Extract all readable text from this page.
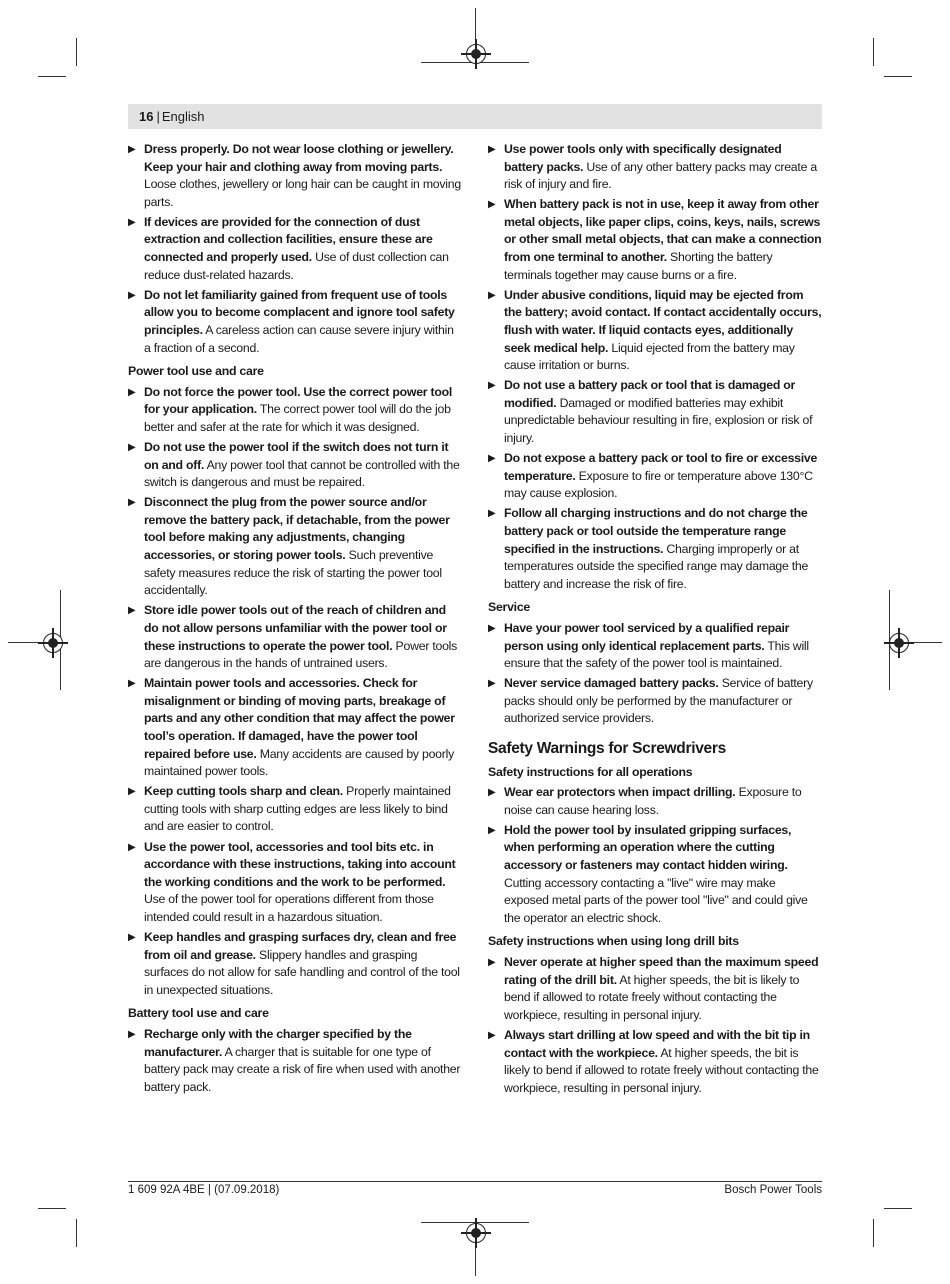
16 | English
▶ Dress properly. Do not wear loose clothing or jewellery. Keep your hair and clothing away from moving parts. Loose clothes, jewellery or long hair can be caught in moving parts.
▶ If devices are provided for the connection of dust extraction and collection facilities, ensure these are connected and properly used. Use of dust collection can reduce dust-related hazards.
▶ Do not let familiarity gained from frequent use of tools allow you to become complacent and ignore tool safety principles. A careless action can cause severe injury within a fraction of a second.
Power tool use and care
▶ Do not force the power tool. Use the correct power tool for your application. The correct power tool will do the job better and safer at the rate for which it was designed.
▶ Do not use the power tool if the switch does not turn it on and off. Any power tool that cannot be controlled with the switch is dangerous and must be repaired.
▶ Disconnect the plug from the power source and/or remove the battery pack, if detachable, from the power tool before making any adjustments, changing accessories, or storing power tools. Such preventive safety measures reduce the risk of starting the power tool accidentally.
▶ Store idle power tools out of the reach of children and do not allow persons unfamiliar with the power tool or these instructions to operate the power tool. Power tools are dangerous in the hands of untrained users.
▶ Maintain power tools and accessories. Check for misalignment or binding of moving parts, breakage of parts and any other condition that may affect the power tool’s operation. If damaged, have the power tool repaired before use. Many accidents are caused by poorly maintained power tools.
▶ Keep cutting tools sharp and clean. Properly maintained cutting tools with sharp cutting edges are less likely to bind and are easier to control.
▶ Use the power tool, accessories and tool bits etc. in accordance with these instructions, taking into account the working conditions and the work to be performed. Use of the power tool for operations different from those intended could result in a hazardous situation.
▶ Keep handles and grasping surfaces dry, clean and free from oil and grease. Slippery handles and grasping surfaces do not allow for safe handling and control of the tool in unexpected situations.
Battery tool use and care
▶ Recharge only with the charger specified by the manufacturer. A charger that is suitable for one type of battery pack may create a risk of fire when used with another battery pack.
▶ Use power tools only with specifically designated battery packs. Use of any other battery packs may create a risk of injury and fire.
▶ When battery pack is not in use, keep it away from other metal objects, like paper clips, coins, keys, nails, screws or other small metal objects, that can make a connection from one terminal to another. Shorting the battery terminals together may cause burns or a fire.
▶ Under abusive conditions, liquid may be ejected from the battery; avoid contact. If contact accidentally occurs, flush with water. If liquid contacts eyes, additionally seek medical help. Liquid ejected from the battery may cause irritation or burns.
▶ Do not use a battery pack or tool that is damaged or modified. Damaged or modified batteries may exhibit unpredictable behaviour resulting in fire, explosion or risk of injury.
▶ Do not expose a battery pack or tool to fire or excessive temperature. Exposure to fire or temperature above 130°C may cause explosion.
▶ Follow all charging instructions and do not charge the battery pack or tool outside the temperature range specified in the instructions. Charging improperly or at temperatures outside the specified range may damage the battery and increase the risk of fire.
Service
▶ Have your power tool serviced by a qualified repair person using only identical replacement parts. This will ensure that the safety of the power tool is maintained.
▶ Never service damaged battery packs. Service of battery packs should only be performed by the manufacturer or authorized service providers.
Safety Warnings for Screwdrivers
Safety instructions for all operations
▶ Wear ear protectors when impact drilling. Exposure to noise can cause hearing loss.
▶ Hold the power tool by insulated gripping surfaces, when performing an operation where the cutting accessory or fasteners may contact hidden wiring. Cutting accessory contacting a "live" wire may make exposed metal parts of the power tool "live" and could give the operator an electric shock.
Safety instructions when using long drill bits
▶ Never operate at higher speed than the maximum speed rating of the drill bit. At higher speeds, the bit is likely to bend if allowed to rotate freely without contacting the workpiece, resulting in personal injury.
▶ Always start drilling at low speed and with the bit tip in contact with the workpiece. At higher speeds, the bit is likely to bend if allowed to rotate freely without contacting the workpiece, resulting in personal injury.
1 609 92A 4BE | (07.09.2018)	Bosch Power Tools
